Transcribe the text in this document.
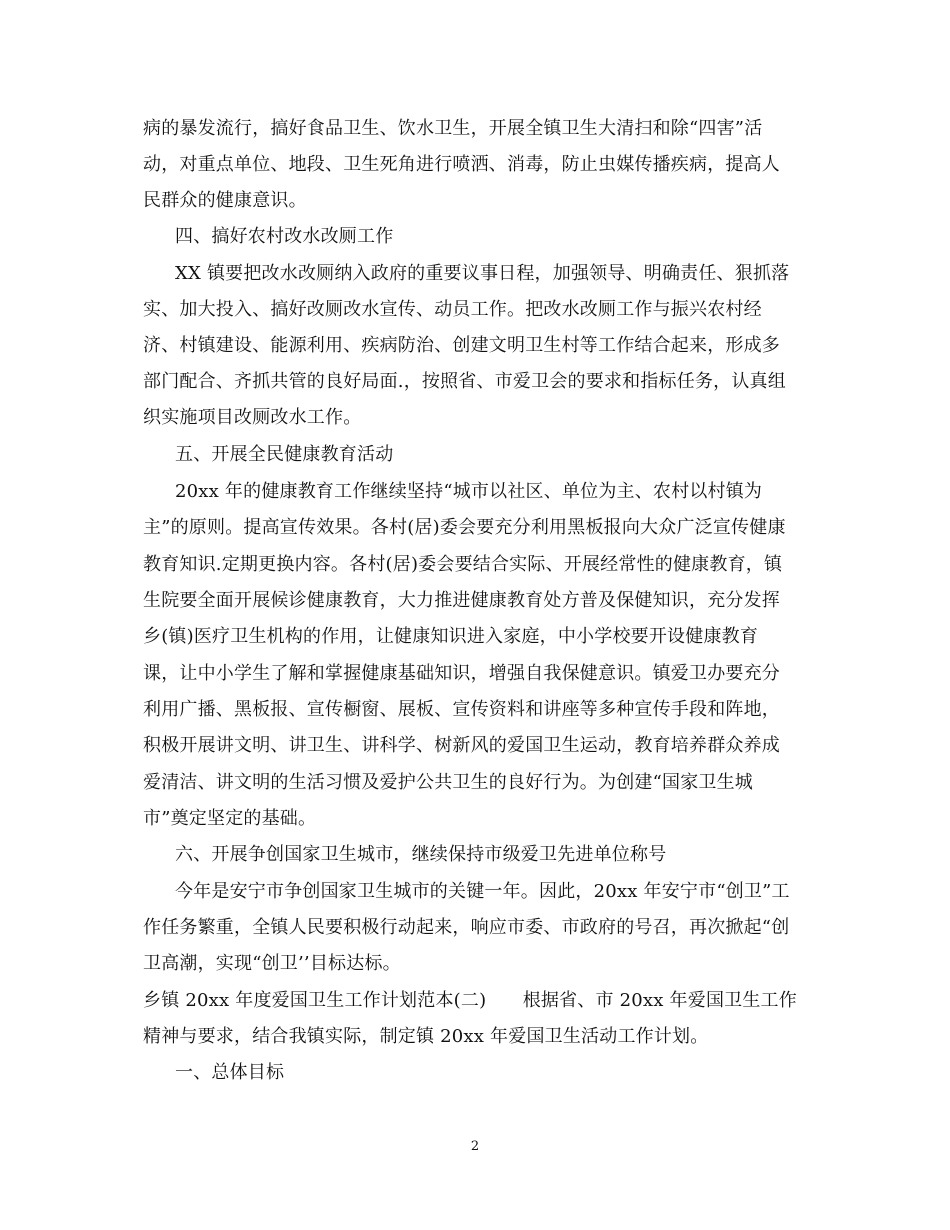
病的暴发流行，搞好食品卫生、饮水卫生，开展全镇卫生大清扫和除“四害”活
动，对重点单位、地段、卫生死角进行喷洒、消毒，防止虫媒传播疾病，提高人
民群众的健康意识。
四、搞好农村改水改厕工作
XX 镇要把改水改厕纳入政府的重要议事日程，加强领导、明确责任、狠抓落
实、加大投入、搞好改厕改水宣传、动员工作。把改水改厕工作与振兴农村经
济、村镇建设、能源利用、疾病防治、创建文明卫生村等工作结合起来，形成多
部门配合、齐抓共管的良好局面.，按照省、市爱卫会的要求和指标任务，认真组
织实施项目改厕改水工作。
五、开展全民健康教育活动
20xx 年的健康教育工作继续坚持“城市以社区、单位为主、农村以村镇为
主”的原则。提高宣传效果。各村(居)委会要充分利用黑板报向大众广泛宣传健康
教育知识.定期更换内容。各村(居)委会要结合实际、开展经常性的健康教育，镇
生院要全面开展候诊健康教育，大力推进健康教育处方普及保健知识，充分发挥
乡(镇)医疗卫生机构的作用，让健康知识进入家庭，中小学校要开设健康教育
课，让中小学生了解和掌握健康基础知识，增强自我保健意识。镇爱卫办要充分
利用广播、黑板报、宣传橱窗、展板、宣传资料和讲座等多种宣传手段和阵地，
积极开展讲文明、讲卫生、讲科学、树新风的爱国卫生运动，教育培养群众养成
爱清洁、讲文明的生活习惯及爱护公共卫生的良好行为。为创建“国家卫生城
市”奠定坚定的基础。
六、开展争创国家卫生城市，继续保持市级爱卫先进单位称号
今年是安宁市争创国家卫生城市的关键一年。因此，20xx 年安宁市“创卫”工
作任务繁重，全镇人民要积极行动起来，响应市委、市政府的号召，再次掀起“创
卫高潮，实现“创卫’’目标达标。
乡镇 20xx 年度爱国卫生工作计划范本(二)　　根据省、市 20xx 年爱国卫生工作
精神与要求，结合我镇实际，制定镇 20xx 年爱国卫生活动工作计划。
一、总体目标
2
